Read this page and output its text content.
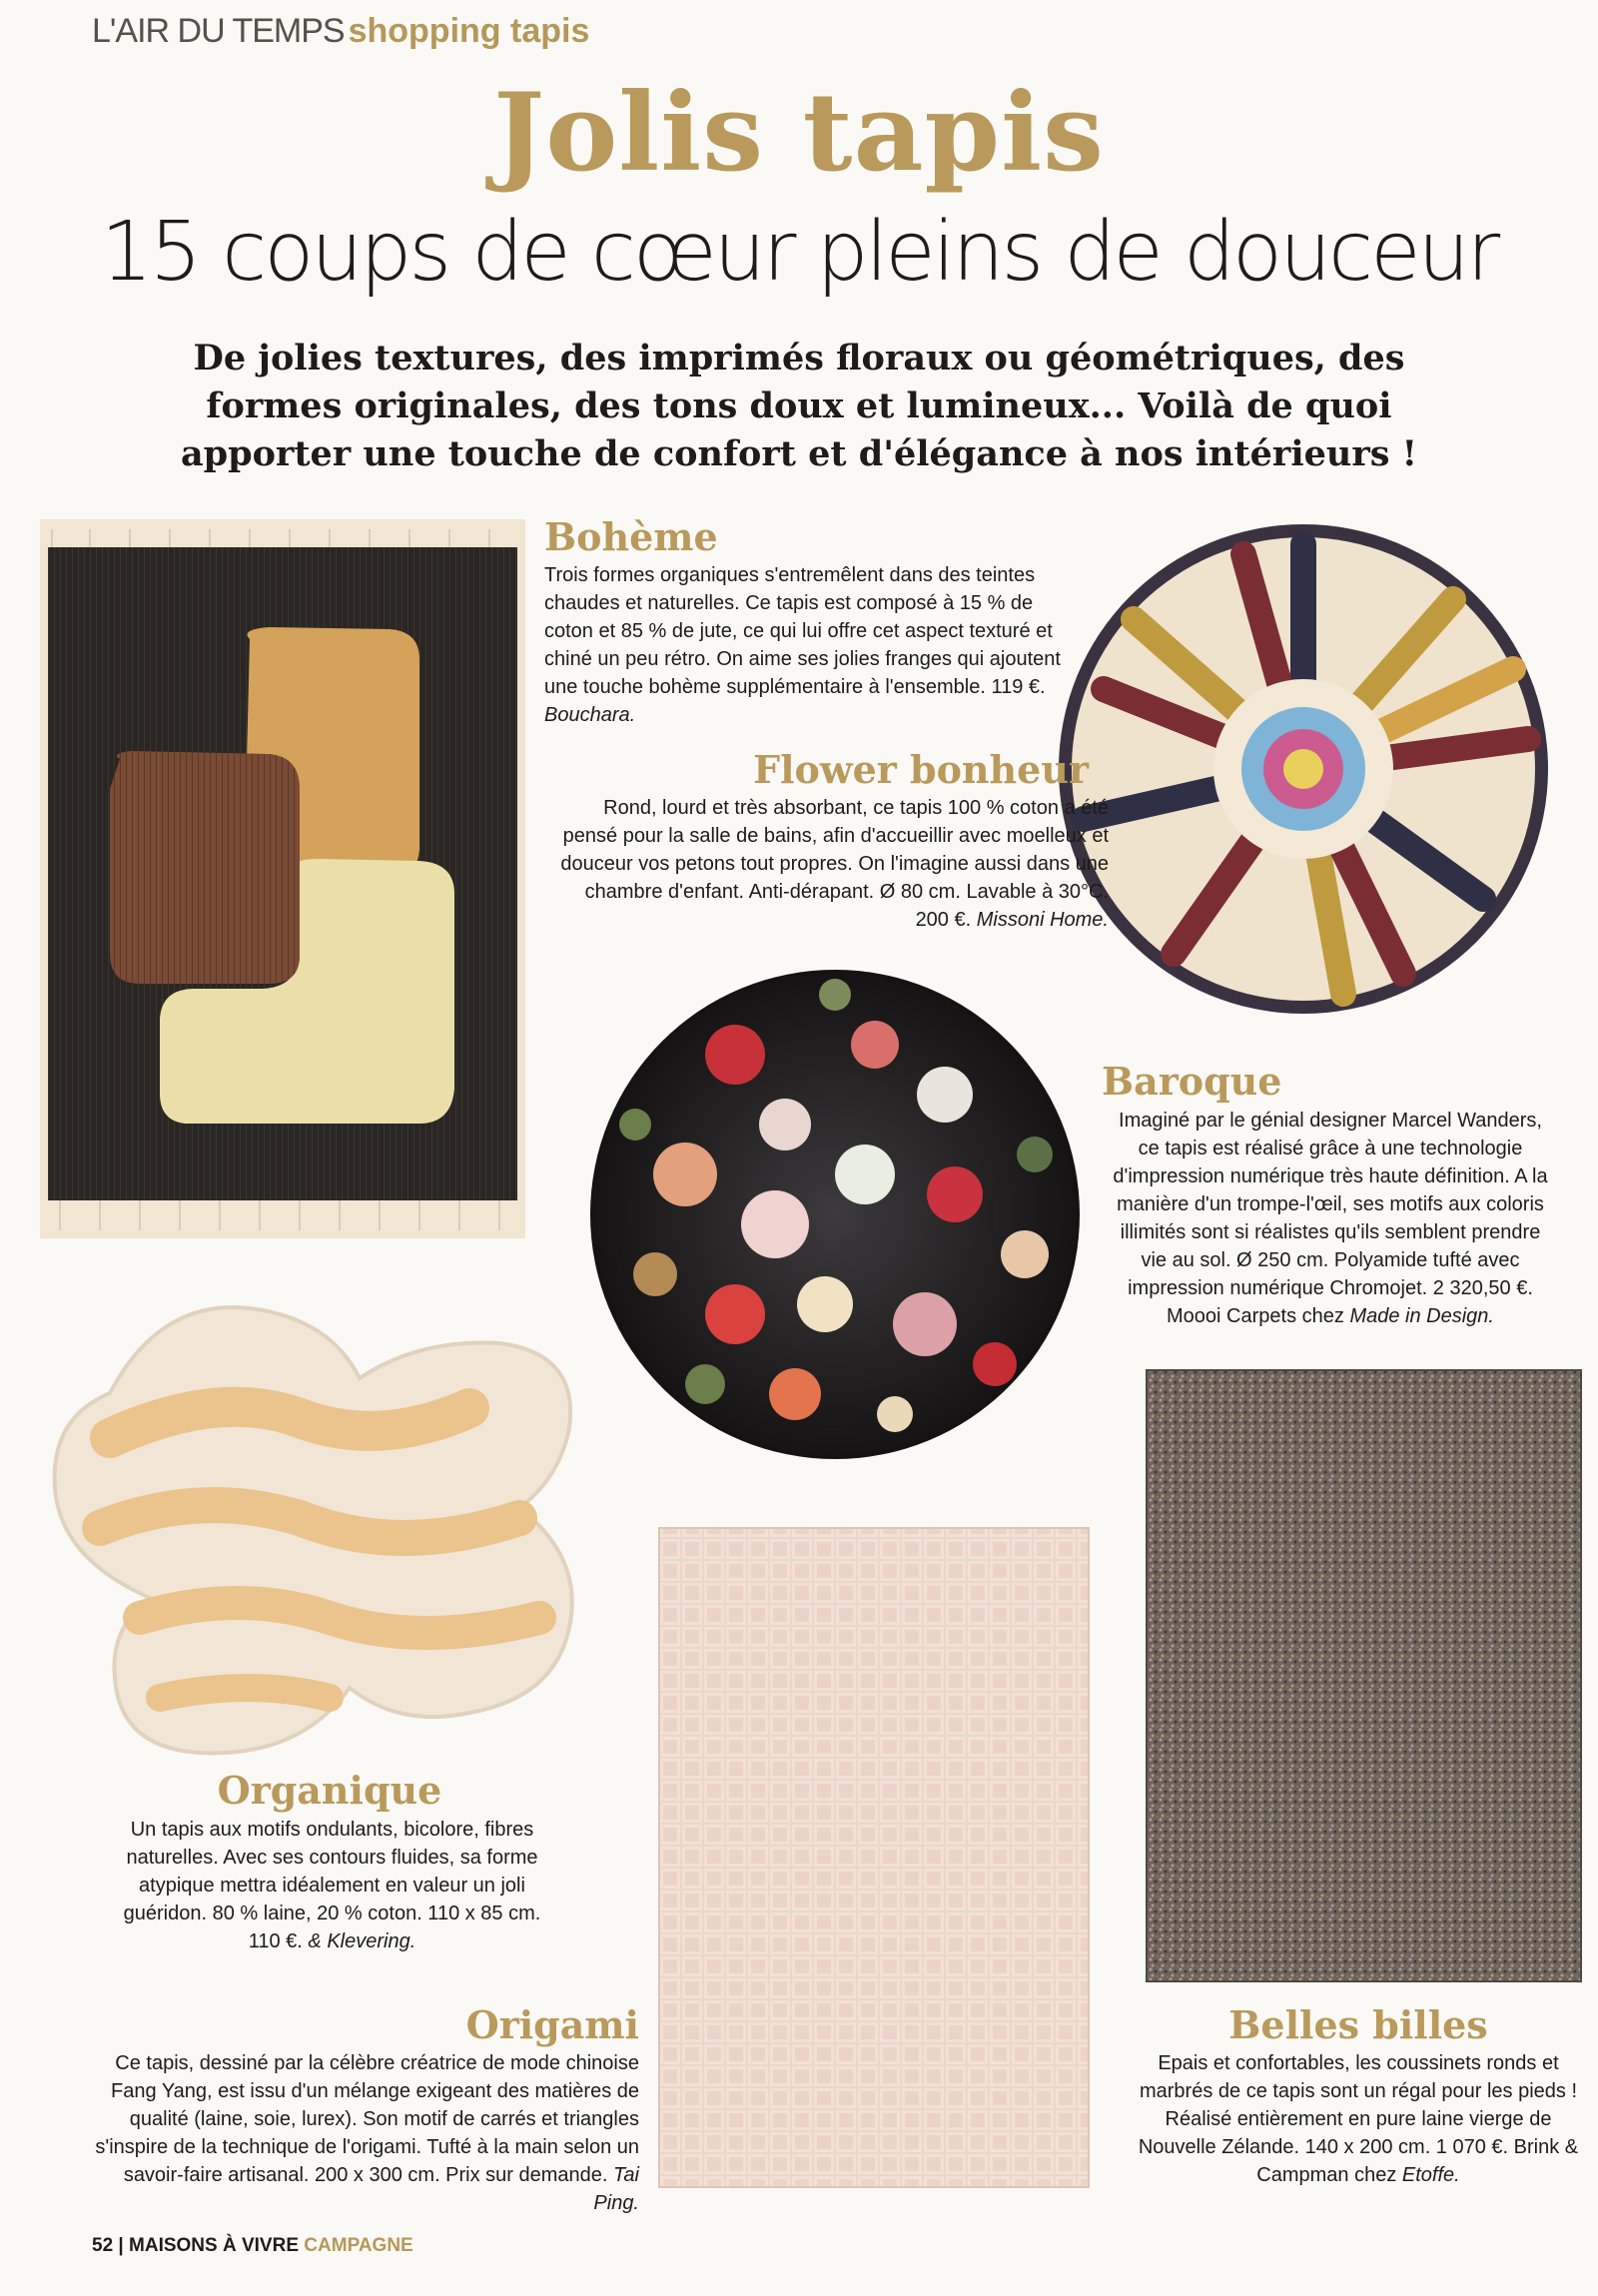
L'AIR DU TEMPS shopping tapis
Jolis tapis
15 coups de cœur pleins de douceur
De jolies textures, des imprimés floraux ou géométriques, des formes originales, des tons doux et lumineux... Voilà de quoi apporter une touche de confort et d'élégance à nos intérieurs !
Bohème
Trois formes organiques s'entremêlent dans des teintes chaudes et naturelles. Ce tapis est composé à 15 % de coton et 85 % de jute, ce qui lui offre cet aspect texturé et chiné un peu rétro. On aime ses jolies franges qui ajoutent une touche bohème supplémentaire à l'ensemble. 119 €. Bouchara.
Flower bonheur
Rond, lourd et très absorbant, ce tapis 100 % coton a été pensé pour la salle de bains, afin d'accueillir avec moelleux et douceur vos petons tout propres. On l'imagine aussi dans une chambre d'enfant. Anti-dérapant. Ø 80 cm. Lavable à 30°C. 200 €. Missoni Home.
Baroque
Imaginé par le génial designer Marcel Wanders, ce tapis est réalisé grâce à une technologie d'impression numérique très haute définition. A la manière d'un trompe-l'œil, ses motifs aux coloris illimités sont si réalistes qu'ils semblent prendre vie au sol. Ø 250 cm. Polyamide tufté avec impression numérique Chromojet. 2 320,50 €. Moooi Carpets chez Made in Design.
Organique
Un tapis aux motifs ondulants, bicolore, fibres naturelles. Avec ses contours fluides, sa forme atypique mettra idéalement en valeur un joli guéridon. 80 % laine, 20 % coton. 110 x 85 cm. 110 €. & Klevering.
Origami
Ce tapis, dessiné par la célèbre créatrice de mode chinoise Fang Yang, est issu d'un mélange exigeant des matières de qualité (laine, soie, lurex). Son motif de carrés et triangles s'inspire de la technique de l'origami. Tufté à la main selon un savoir-faire artisanal. 200 x 300 cm. Prix sur demande. Tai Ping.
Belles billes
Epais et confortables, les coussinets ronds et marbrés de ce tapis sont un régal pour les pieds ! Réalisé entièrement en pure laine vierge de Nouvelle Zélande. 140 x 200 cm. 1 070 €. Brink & Campman chez Etoffe.
52 | MAISONS À VIVRE CAMPAGNE
